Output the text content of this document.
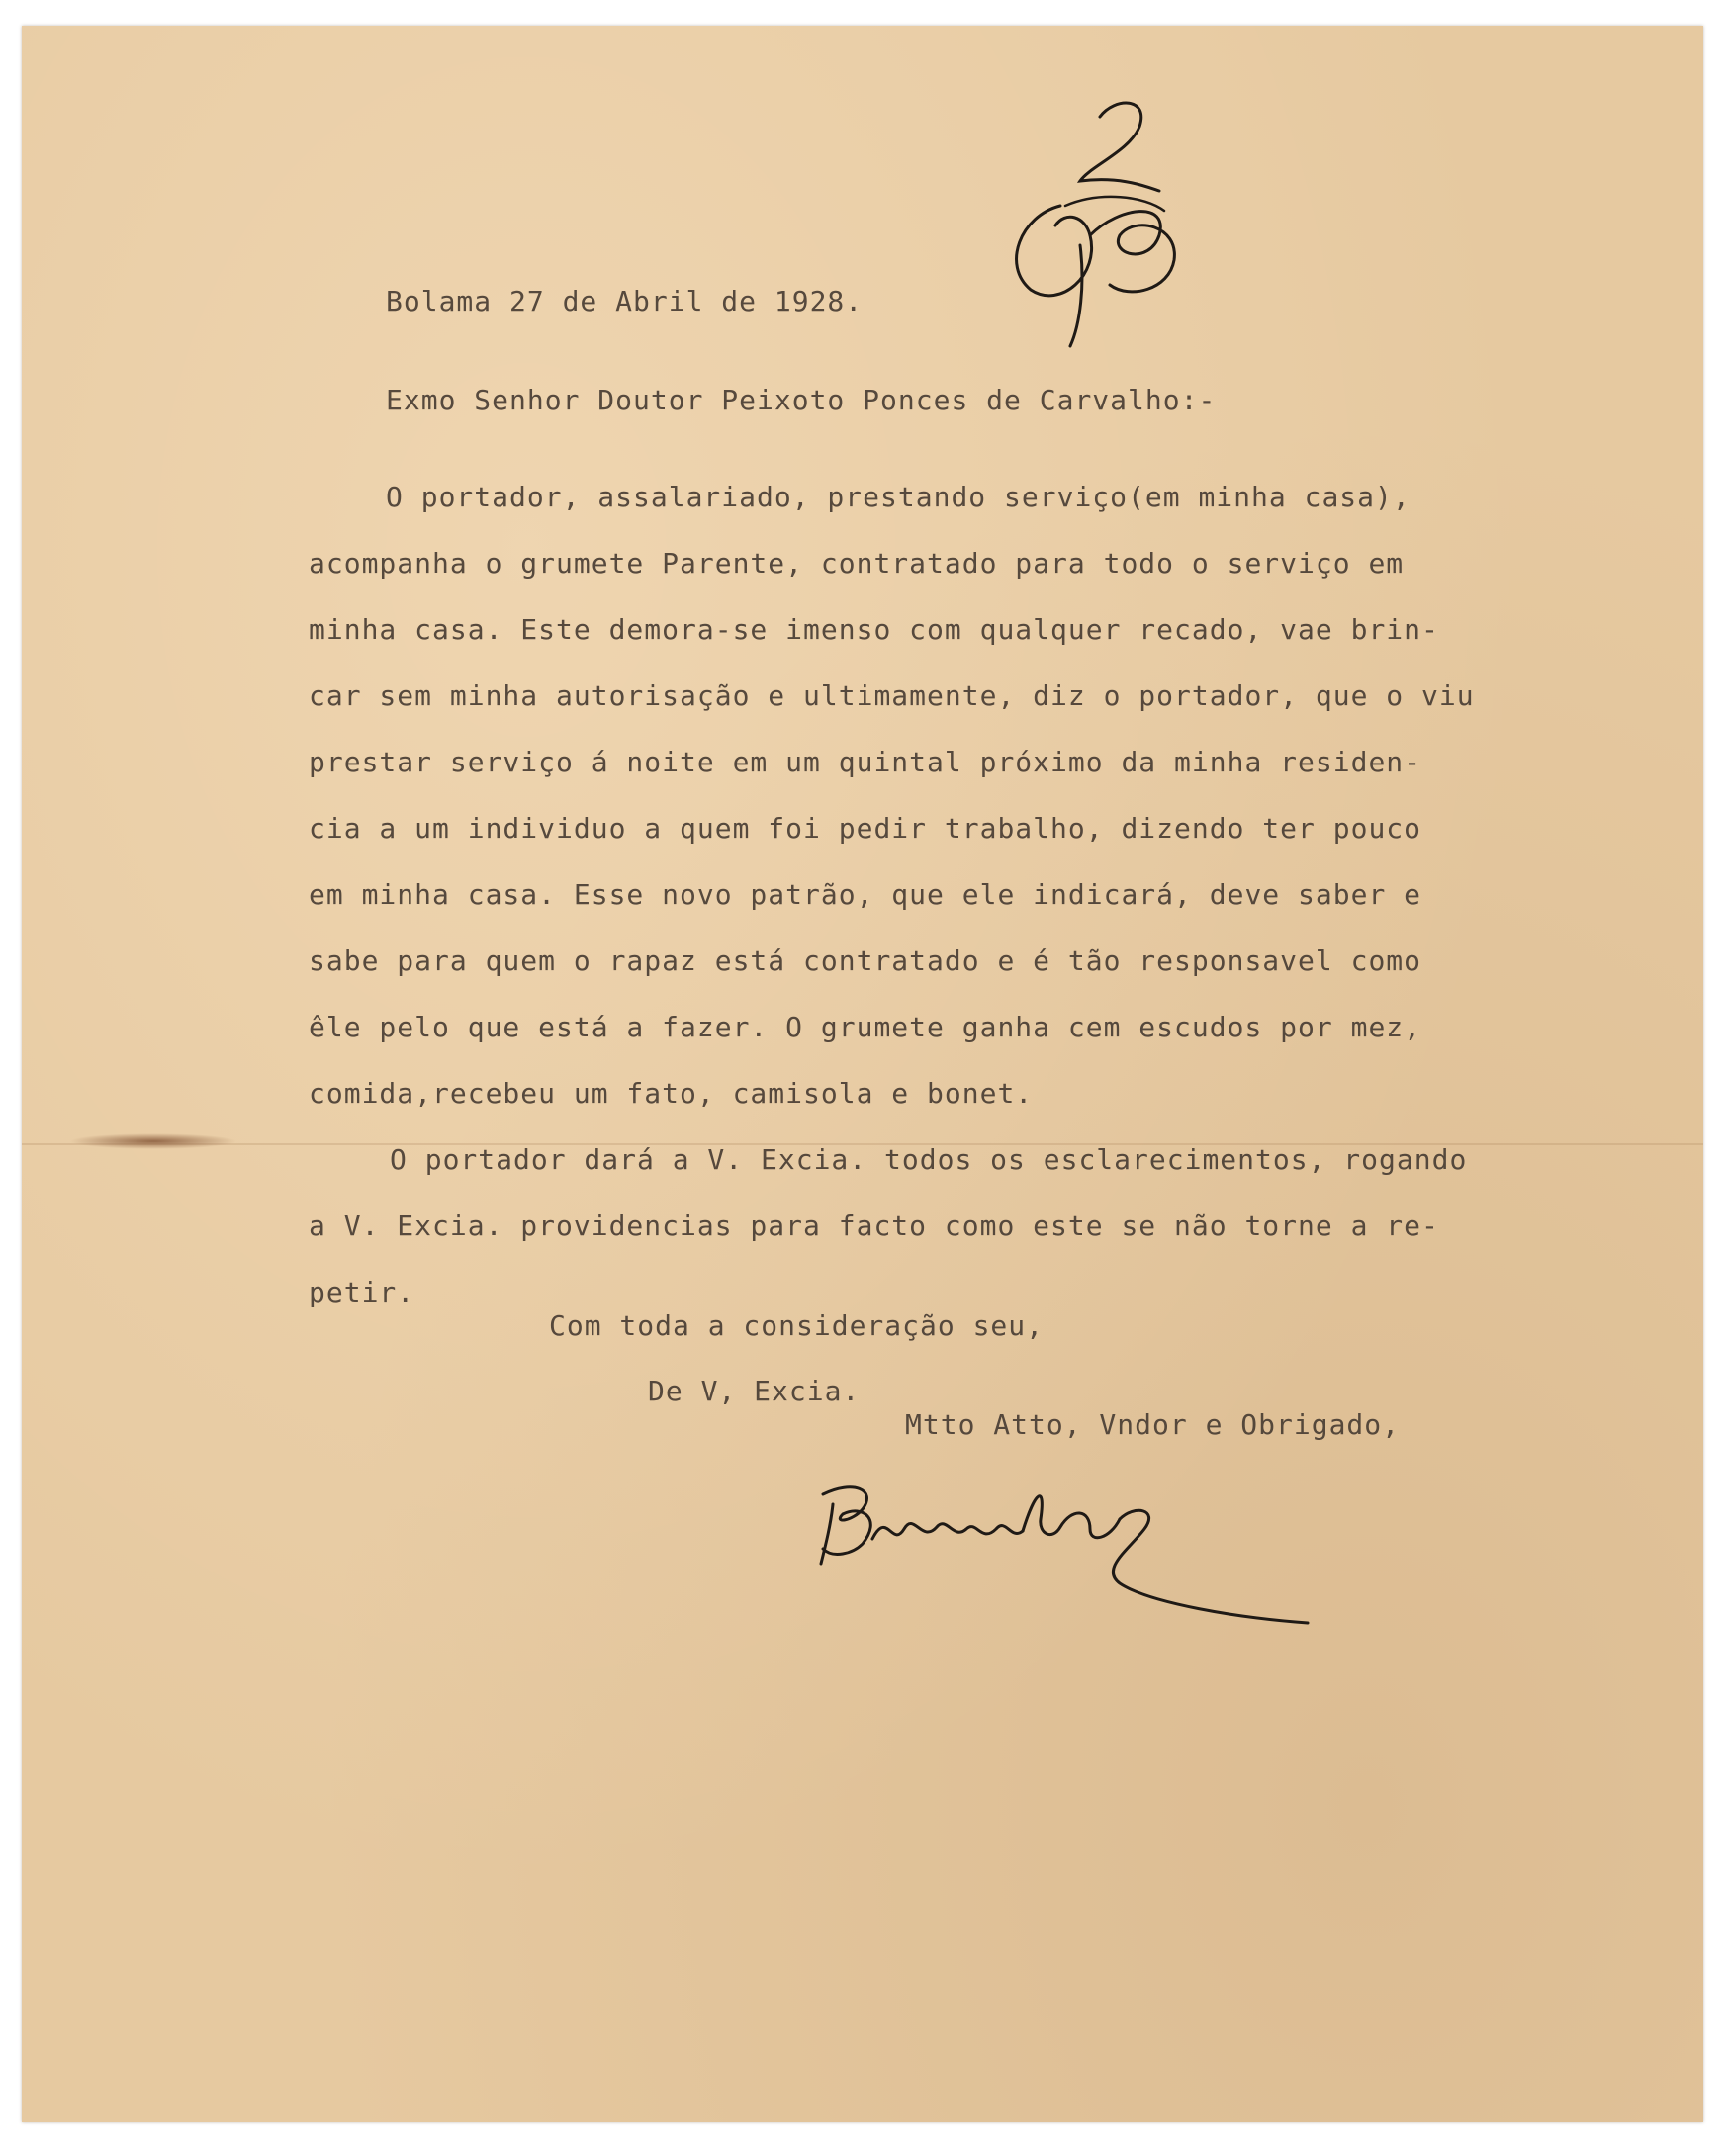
Bolama 27 de Abril de 1928.
Exmo Senhor Doutor Peixoto Ponces de Carvalho:-
O portador, assalariado, prestando serviço(em minha casa),
acompanha o grumete Parente, contratado para todo o serviço em
minha casa. Este demora-se imenso com qualquer recado, vae brin-
car sem minha autorisação e ultimamente, diz o portador, que o viu
prestar serviço á noite em um quintal próximo da minha residen-
cia a um individuo a quem foi pedir trabalho, dizendo ter pouco
em minha casa. Esse novo patrão, que ele indicará, deve saber e
sabe para quem o rapaz está contratado e é tão responsavel como
êle pelo que está a fazer. O grumete ganha cem escudos por mez,
comida,recebeu um fato, camisola e bonet.
O portador dará a V. Excia. todos os esclarecimentos, rogando
a V. Excia. providencias para facto como este se não torne a re-
petir.
Com toda a consideração seu,
De V, Excia.
Mtto Atto, Vndor e Obrigado,
